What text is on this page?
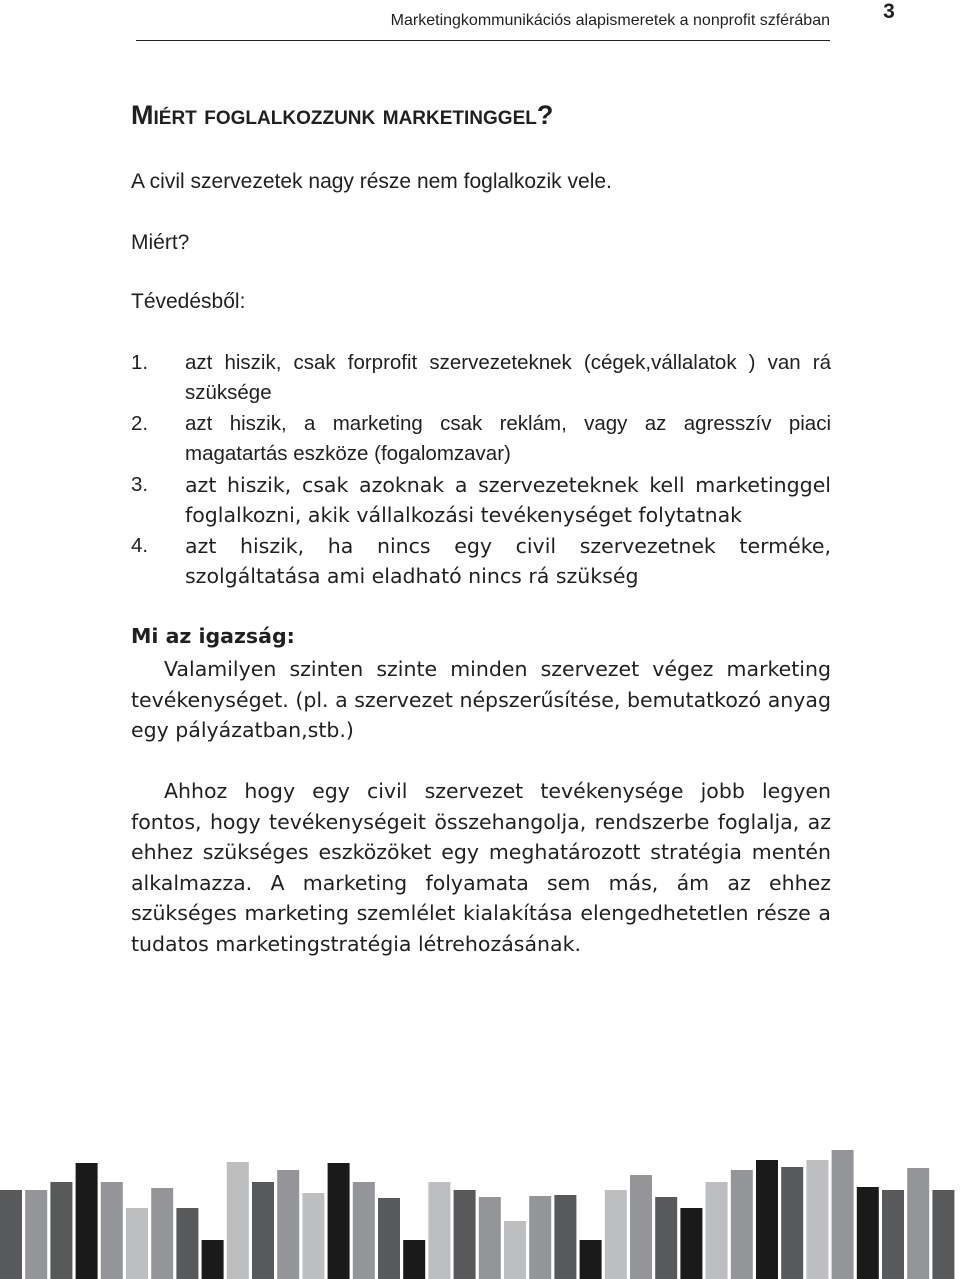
Marketingkommunikációs alapismeretek a nonprofit szférában	3
Miért foglalkozzunk marketinggel?
A civil szervezetek nagy része nem foglalkozik vele.
Miért?
Tévedésből:
1. azt hiszik, csak forprofit szervezeteknek (cégek,vállalatok ) van rá szüksége
2. azt hiszik, a marketing csak reklám, vagy az agresszív piaci magatartás eszköze (fogalomzavar)
3. azt hiszik, csak azoknak a szervezeteknek kell marketinggel foglalkozni, akik vállalkozási tevékenységet folytatnak
4. azt hiszik, ha nincs egy civil szervezetnek terméke, szolgáltatása ami eladható nincs rá szükség
Mi az igazság:
Valamilyen szinten szinte minden szervezet végez marketing tevékenységet. (pl. a szervezet népszerűsítése, bemutatkozó anyag egy pályázatban,stb.)
Ahhoz hogy egy civil szervezet tevékenysége jobb legyen fontos, hogy tevékenységeit összehangolja, rendszerbe foglalja, az ehhez szükséges eszközöket egy meghatározott stratégia mentén alkalmazza. A marketing folyamata sem más, ám az ehhez szükséges marketing szemlélet kialakítása elengedhetetlen része a tudatos marketingstratégia létrehozásának.
